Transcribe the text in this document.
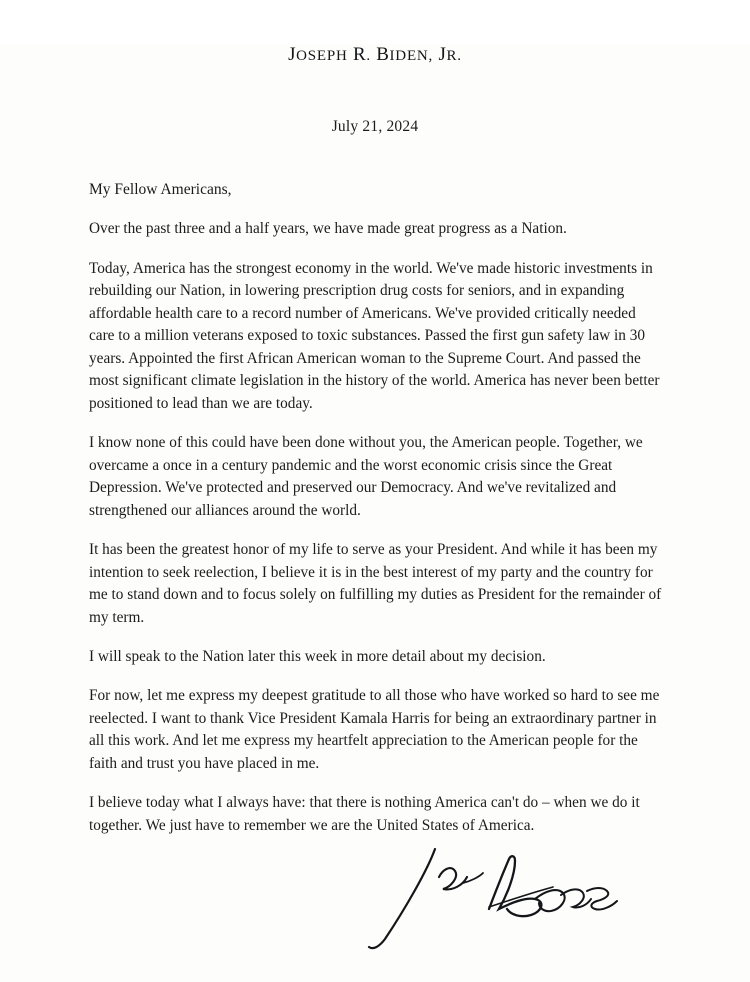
JOSEPH R. BIDEN, JR.
July 21, 2024
My Fellow Americans,

Over the past three and a half years, we have made great progress as a Nation.

Today, America has the strongest economy in the world. We've made historic investments in rebuilding our Nation, in lowering prescription drug costs for seniors, and in expanding affordable health care to a record number of Americans. We've provided critically needed care to a million veterans exposed to toxic substances. Passed the first gun safety law in 30 years. Appointed the first African American woman to the Supreme Court. And passed the most significant climate legislation in the history of the world. America has never been better positioned to lead than we are today.

I know none of this could have been done without you, the American people. Together, we overcame a once in a century pandemic and the worst economic crisis since the Great Depression. We've protected and preserved our Democracy. And we've revitalized and strengthened our alliances around the world.

It has been the greatest honor of my life to serve as your President. And while it has been my intention to seek reelection, I believe it is in the best interest of my party and the country for me to stand down and to focus solely on fulfilling my duties as President for the remainder of my term.

I will speak to the Nation later this week in more detail about my decision.

For now, let me express my deepest gratitude to all those who have worked so hard to see me reelected. I want to thank Vice President Kamala Harris for being an extraordinary partner in all this work. And let me express my heartfelt appreciation to the American people for the faith and trust you have placed in me.

I believe today what I always have: that there is nothing America can't do – when we do it together. We just have to remember we are the United States of America.
